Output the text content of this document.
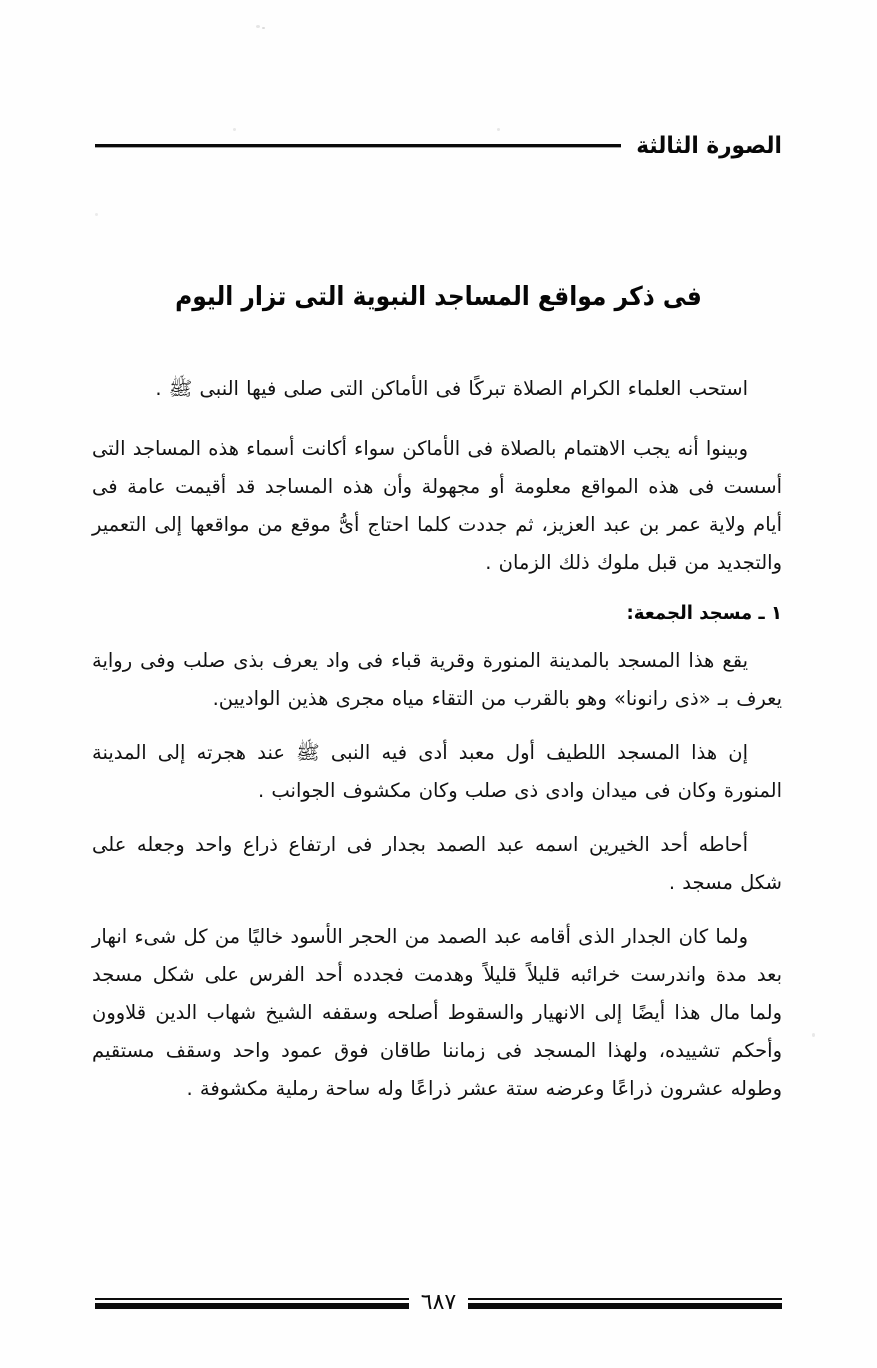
الصورة الثالثة
فى ذكر مواقع المساجد النبوية التى تزار اليوم

استحب العلماء الكرام الصلاة تبركًا فى الأماكن التى صلى فيها النبى ﷺ .

وبينوا أنه يجب الاهتمام بالصلاة فى الأماكن سواء أكانت أسماء هذه المساجد التى أسست فى هذه المواقع معلومة أو مجهولة وأن هذه المساجد قد أقيمت عامة فى أيام ولاية عمر بن عبد العزيز، ثم جددت كلما احتاج أىُّ موقع من مواقعها إلى التعمير والتجديد من قبل ملوك ذلك الزمان .

١ ـ مسجد الجمعة:

يقع هذا المسجد بالمدينة المنورة وقرية قباء فى واد يعرف بذى صلب وفى رواية يعرف بـ «ذى رانونا» وهو بالقرب من التقاء مياه مجرى هذين الواديين.

إن هذا المسجد اللطيف أول معبد أدى فيه النبى ﷺ عند هجرته إلى المدينة المنورة وكان فى ميدان وادى ذى صلب وكان مكشوف الجوانب .

أحاطه أحد الخيرين اسمه عبد الصمد بجدار فى ارتفاع ذراع واحد وجعله على شكل مسجد .

ولما كان الجدار الذى أقامه عبد الصمد من الحجر الأسود خاليًا من كل شىء انهار بعد مدة واندرست خرائبه قليلاً قليلاً وهدمت فجدده أحد الفرس على شكل مسجد ولما مال هذا أيضًا إلى الانهيار والسقوط أصلحه وسقفه الشيخ شهاب الدين قلاوون وأحكم تشييده، ولهذا المسجد فى زماننا طاقان فوق عمود واحد وسقف مستقيم وطوله عشرون ذراعًا وعرضه ستة عشر ذراعًا وله ساحة رملية مكشوفة .

٦٨٧
